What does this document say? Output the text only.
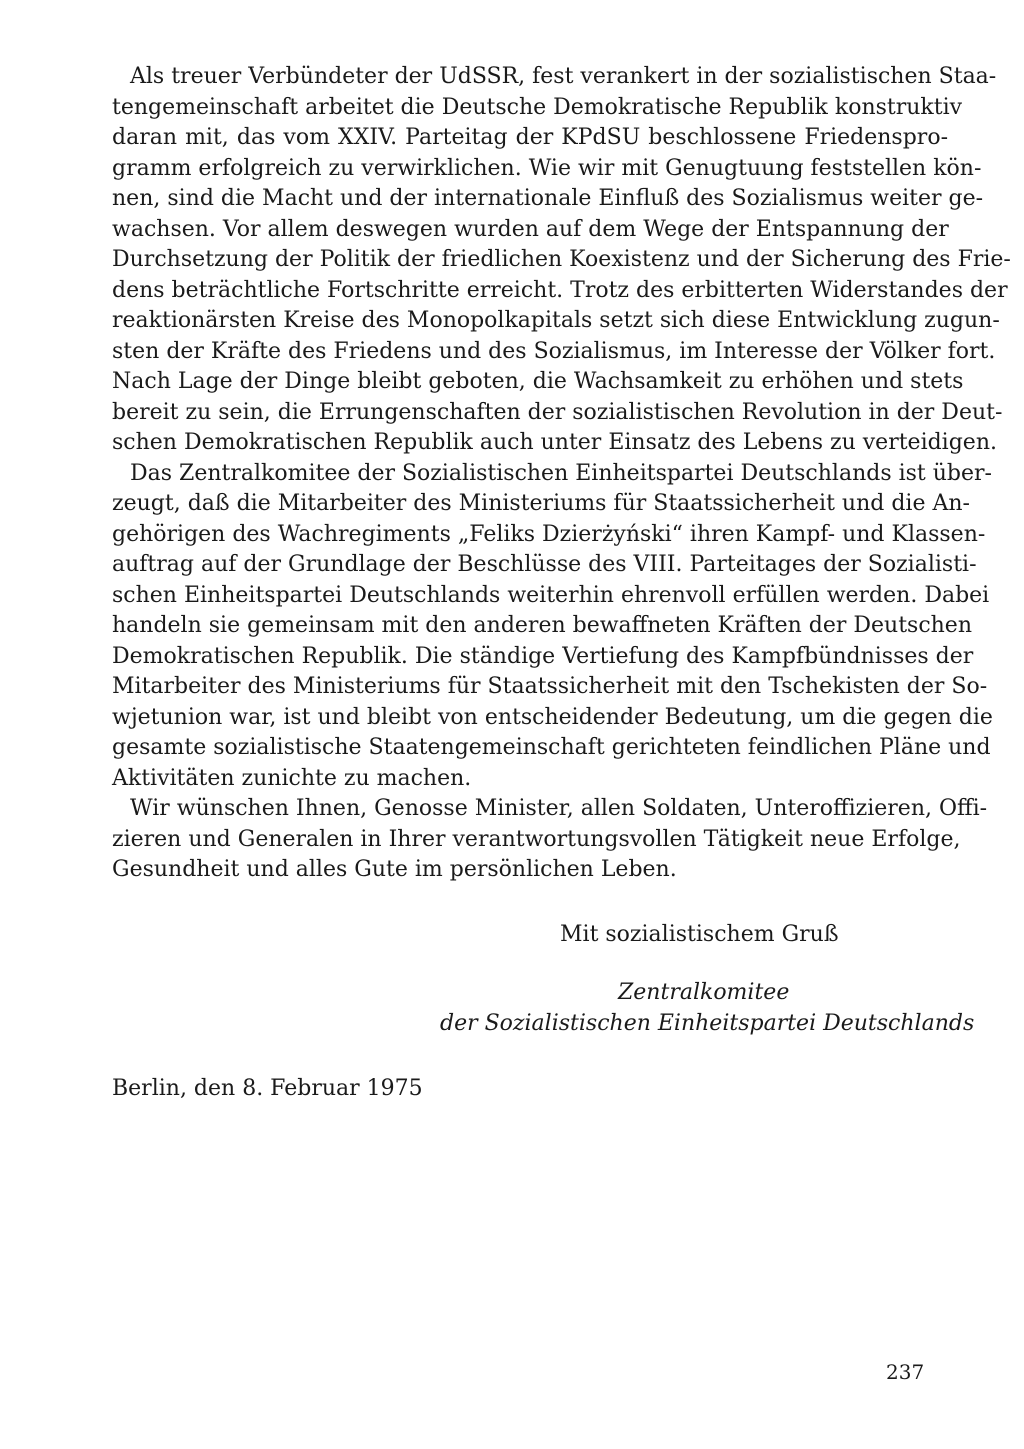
Als treuer Verbündeter der UdSSR, fest verankert in der sozialistischen Staa-
tengemeinschaft arbeitet die Deutsche Demokratische Republik konstruktiv
daran mit, das vom XXIV. Parteitag der KPdSU beschlossene Friedenspro-
gramm erfolgreich zu verwirklichen. Wie wir mit Genugtuung feststellen kön-
nen, sind die Macht und der internationale Einfluß des Sozialismus weiter ge-
wachsen. Vor allem deswegen wurden auf dem Wege der Entspannung der
Durchsetzung der Politik der friedlichen Koexistenz und der Sicherung des Frie-
dens beträchtliche Fortschritte erreicht. Trotz des erbitterten Widerstandes der
reaktionärsten Kreise des Monopolkapitals setzt sich diese Entwicklung zugun-
sten der Kräfte des Friedens und des Sozialismus, im Interesse der Völker fort.
Nach Lage der Dinge bleibt geboten, die Wachsamkeit zu erhöhen und stets
bereit zu sein, die Errungenschaften der sozialistischen Revolution in der Deut-
schen Demokratischen Republik auch unter Einsatz des Lebens zu verteidigen.
Das Zentralkomitee der Sozialistischen Einheitspartei Deutschlands ist über-
zeugt, daß die Mitarbeiter des Ministeriums für Staatssicherheit und die An-
gehörigen des Wachregiments „Feliks Dzierżyński“ ihren Kampf- und Klassen-
auftrag auf der Grundlage der Beschlüsse des VIII. Parteitages der Sozialisti-
schen Einheitspartei Deutschlands weiterhin ehrenvoll erfüllen werden. Dabei
handeln sie gemeinsam mit den anderen bewaffneten Kräften der Deutschen
Demokratischen Republik. Die ständige Vertiefung des Kampfbündnisses der
Mitarbeiter des Ministeriums für Staatssicherheit mit den Tschekisten der So-
wjetunion war, ist und bleibt von entscheidender Bedeutung, um die gegen die
gesamte sozialistische Staatengemeinschaft gerichteten feindlichen Pläne und
Aktivitäten zunichte zu machen.
Wir wünschen Ihnen, Genosse Minister, allen Soldaten, Unteroffizieren, Offi-
zieren und Generalen in Ihrer verantwortungsvollen Tätigkeit neue Erfolge,
Gesundheit und alles Gute im persönlichen Leben.
Mit sozialistischem Gruß
Zentralkomitee
der Sozialistischen Einheitspartei Deutschlands
Berlin, den 8. Februar 1975
237
